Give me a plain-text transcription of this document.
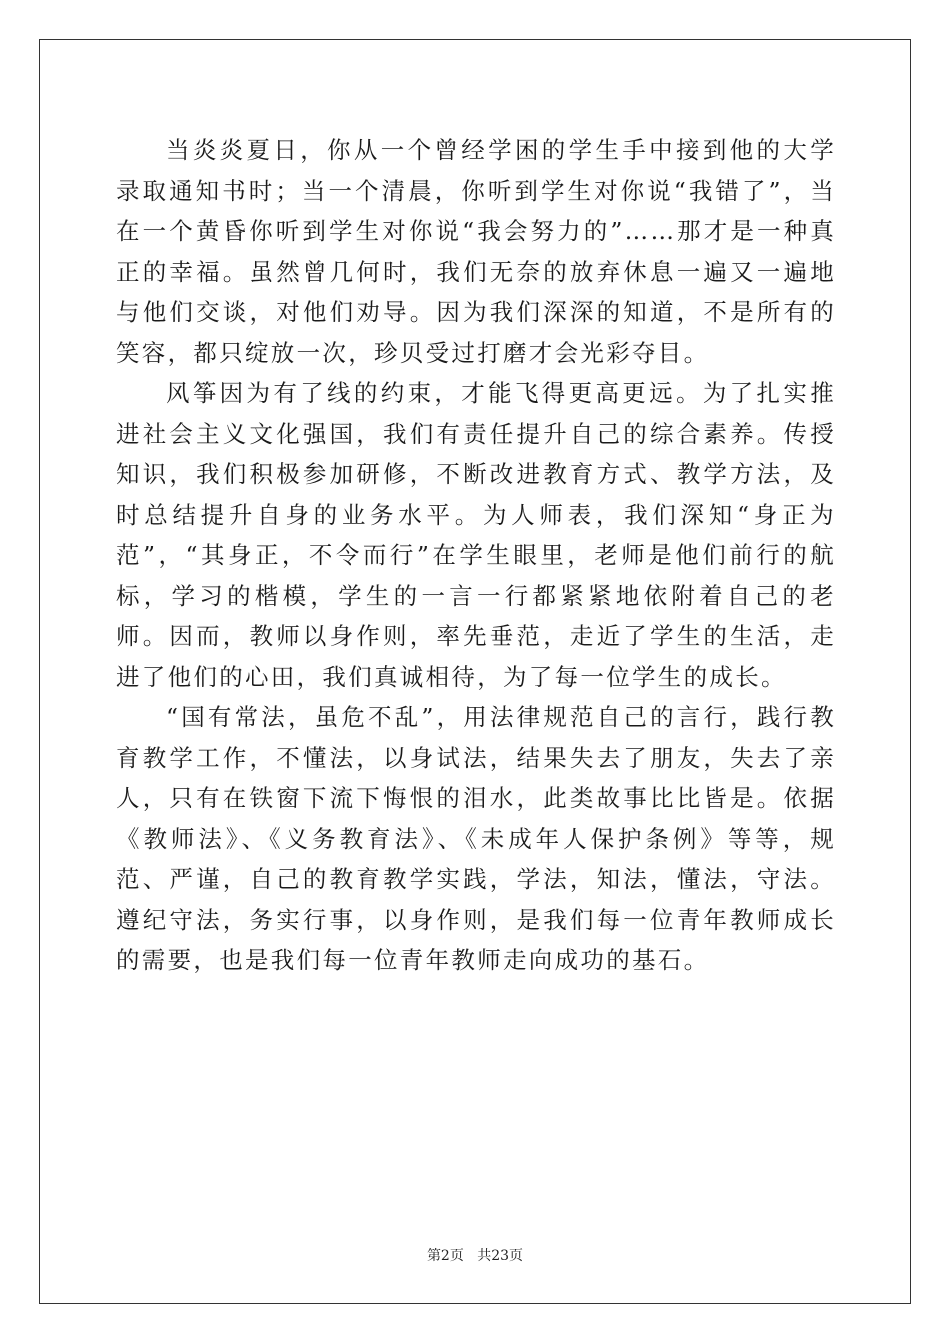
当炎炎夏日，你从一个曾经学困的学生手中接到他的大学录取通知书时；当一个清晨，你听到学生对你说“我错了”，当在一个黄昏你听到学生对你说“我会努力的”……那才是一种真正的幸福。虽然曾几何时，我们无奈的放弃休息一遍又一遍地与他们交谈，对他们劝导。因为我们深深的知道，不是所有的笑容，都只绽放一次，珍贝受过打磨才会光彩夺目。

风筝因为有了线的约束，才能飞得更高更远。为了扎实推进社会主义文化强国，我们有责任提升自己的综合素养。传授知识，我们积极参加研修，不断改进教育方式、教学方法，及时总结提升自身的业务水平。为人师表，我们深知“身正为范”，“其身正，不令而行”在学生眼里，老师是他们前行的航标，学习的楷模，学生的一言一行都紧紧地依附着自己的老师。因而，教师以身作则，率先垂范，走近了学生的生活，走进了他们的心田，我们真诚相待，为了每一位学生的成长。

“国有常法，虽危不乱”，用法律规范自己的言行，践行教育教学工作，不懂法，以身试法，结果失去了朋友，失去了亲人，只有在铁窗下流下悔恨的泪水，此类故事比比皆是。依据《教师法》、《义务教育法》、《未成年人保护条例》等等，规范、严谨，自己的教育教学实践，学法，知法，懂法，守法。遵纪守法，务实行事，以身作则，是我们每一位青年教师成长的需要，也是我们每一位青年教师走向成功的基石。

第2页 共23页
